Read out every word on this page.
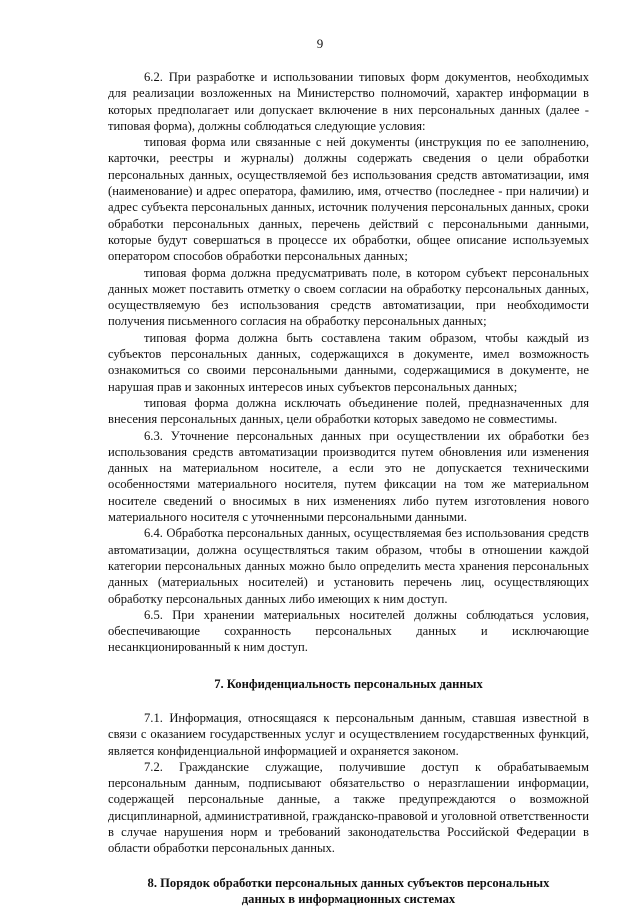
9

6.2. При разработке и использовании типовых форм документов, необходимых для реализации возложенных на Министерство полномочий, характер информации в которых предполагает или допускает включение в них персональных данных (далее - типовая форма), должны соблюдаться следующие условия:

типовая форма или связанные с ней документы (инструкция по ее заполнению, карточки, реестры и журналы) должны содержать сведения о цели обработки персональных данных, осуществляемой без использования средств автоматизации, имя (наименование) и адрес оператора, фамилию, имя, отчество (последнее - при наличии) и адрес субъекта персональных данных, источник получения персональных данных, сроки обработки персональных данных, перечень действий с персональными данными, которые будут совершаться в процессе их обработки, общее описание используемых оператором способов обработки персональных данных;

типовая форма должна предусматривать поле, в котором субъект персональных данных может поставить отметку о своем согласии на обработку персональных данных, осуществляемую без использования средств автоматизации, при необходимости получения письменного согласия на обработку персональных данных;

типовая форма должна быть составлена таким образом, чтобы каждый из субъектов персональных данных, содержащихся в документе, имел возможность ознакомиться со своими персональными данными, содержащимися в документе, не нарушая прав и законных интересов иных субъектов персональных данных;

типовая форма должна исключать объединение полей, предназначенных для внесения персональных данных, цели обработки которых заведомо не совместимы.

6.3. Уточнение персональных данных при осуществлении их обработки без использования средств автоматизации производится путем обновления или изменения данных на материальном носителе, а если это не допускается техническими особенностями материального носителя, путем фиксации на том же материальном носителе сведений о вносимых в них изменениях либо путем изготовления нового материального носителя с уточненными персональными данными.

6.4. Обработка персональных данных, осуществляемая без использования средств автоматизации, должна осуществляться таким образом, чтобы в отношении каждой категории персональных данных можно было определить места хранения персональных данных (материальных носителей) и установить перечень лиц, осуществляющих обработку персональных данных либо имеющих к ним доступ.

6.5. При хранении материальных носителей должны соблюдаться условия, обеспечивающие сохранность персональных данных и исключающие несанкционированный к ним доступ.

7. Конфиденциальность персональных данных

7.1. Информация, относящаяся к персональным данным, ставшая известной в связи с оказанием государственных услуг и осуществлением государственных функций, является конфиденциальной информацией и охраняется законом.

7.2. Гражданские служащие, получившие доступ к обрабатываемым персональным данным, подписывают обязательство о неразглашении информации, содержащей персональные данные, а также предупреждаются о возможной дисциплинарной, административной, гражданско-правовой и уголовной ответственности в случае нарушения норм и требований законодательства Российской Федерации в области обработки персональных данных.

8. Порядок обработки персональных данных субъектов персональных
данных в информационных системах
